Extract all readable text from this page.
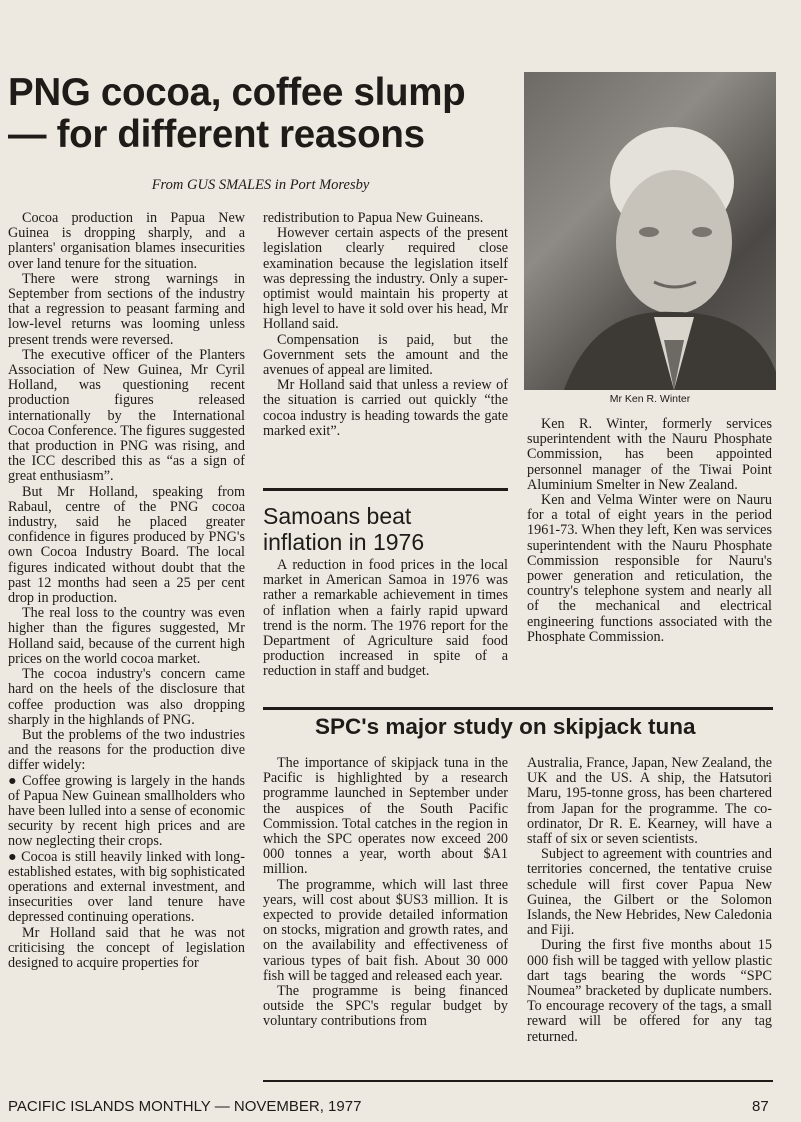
PNG cocoa, coffee slump
— for different reasons

From GUS SMALES in Port Moresby

Cocoa production in Papua New Guinea is dropping sharply, and a planters' organisation blames insecurities over land tenure for the situation.

There were strong warnings in September from sections of the industry that a regression to peasant farming and low-level returns was looming unless present trends were reversed.

The executive officer of the Planters Association of New Guinea, Mr Cyril Holland, was questioning recent production figures released internationally by the International Cocoa Conference. The figures suggested that production in PNG was rising, and the ICC described this as “as a sign of great enthusiasm”.

But Mr Holland, speaking from Rabaul, centre of the PNG cocoa industry, said he placed greater confidence in figures produced by PNG's own Cocoa Industry Board. The local figures indicated without doubt that the past 12 months had seen a 25 per cent drop in production.

The real loss to the country was even higher than the figures suggested, Mr Holland said, because of the current high prices on the world cocoa market.

The cocoa industry's concern came hard on the heels of the disclosure that coffee production was also dropping sharply in the highlands of PNG.

But the problems of the two industries and the reasons for the production dive differ widely:

● Coffee growing is largely in the hands of Papua New Guinean smallholders who have been lulled into a sense of economic security by recent high prices and are now neglecting their crops.

● Cocoa is still heavily linked with long-established estates, with big sophisticated operations and external investment, and insecurities over land tenure have depressed continuing operations.

Mr Holland said that he was not criticising the concept of legislation designed to acquire properties for

redistribution to Papua New Guineans.

However certain aspects of the present legislation clearly required close examination because the legislation itself was depressing the industry. Only a super-optimist would maintain his property at high level to have it sold over his head, Mr Holland said.

Compensation is paid, but the Government sets the amount and the avenues of appeal are limited.

Mr Holland said that unless a review of the situation is carried out quickly “the cocoa industry is heading towards the gate marked exit”.

Samoans beat
inflation in 1976

A reduction in food prices in the local market in American Samoa in 1976 was rather a remarkable achievement in times of inflation when a fairly rapid upward trend is the norm. The 1976 report for the Department of Agriculture said food production increased in spite of a reduction in staff and budget.

Mr Ken R. Winter

Ken R. Winter, formerly services superintendent with the Nauru Phosphate Commission, has been appointed personnel manager of the Tiwai Point Aluminium Smelter in New Zealand.

Ken and Velma Winter were on Nauru for a total of eight years in the period 1961-73. When they left, Ken was services superintendent with the Nauru Phosphate Commission responsible for Nauru's power generation and reticulation, the country's telephone system and nearly all of the mechanical and electrical engineering functions associated with the Phosphate Commission.

SPC's major study on skipjack tuna

The importance of skipjack tuna in the Pacific is highlighted by a research programme launched in September under the auspices of the South Pacific Commission. Total catches in the region in which the SPC operates now exceed 200 000 tonnes a year, worth about $A1 million.

The programme, which will last three years, will cost about $US3 million. It is expected to provide detailed information on stocks, migration and growth rates, and on the availability and effectiveness of various types of bait fish. About 30 000 fish will be tagged and released each year.

The programme is being financed outside the SPC's regular budget by voluntary contributions from

Australia, France, Japan, New Zealand, the UK and the US. A ship, the Hatsutori Maru, 195-tonne gross, has been chartered from Japan for the programme. The co-ordinator, Dr R. E. Kearney, will have a staff of six or seven scientists.

Subject to agreement with countries and territories concerned, the tentative cruise schedule will first cover Papua New Guinea, the Gilbert or the Solomon Islands, the New Hebrides, New Caledonia and Fiji.

During the first five months about 15 000 fish will be tagged with yellow plastic dart tags bearing the words “SPC Noumea” bracketed by duplicate numbers. To encourage recovery of the tags, a small reward will be offered for any tag returned.

PACIFIC ISLANDS MONTHLY — NOVEMBER, 1977	87
